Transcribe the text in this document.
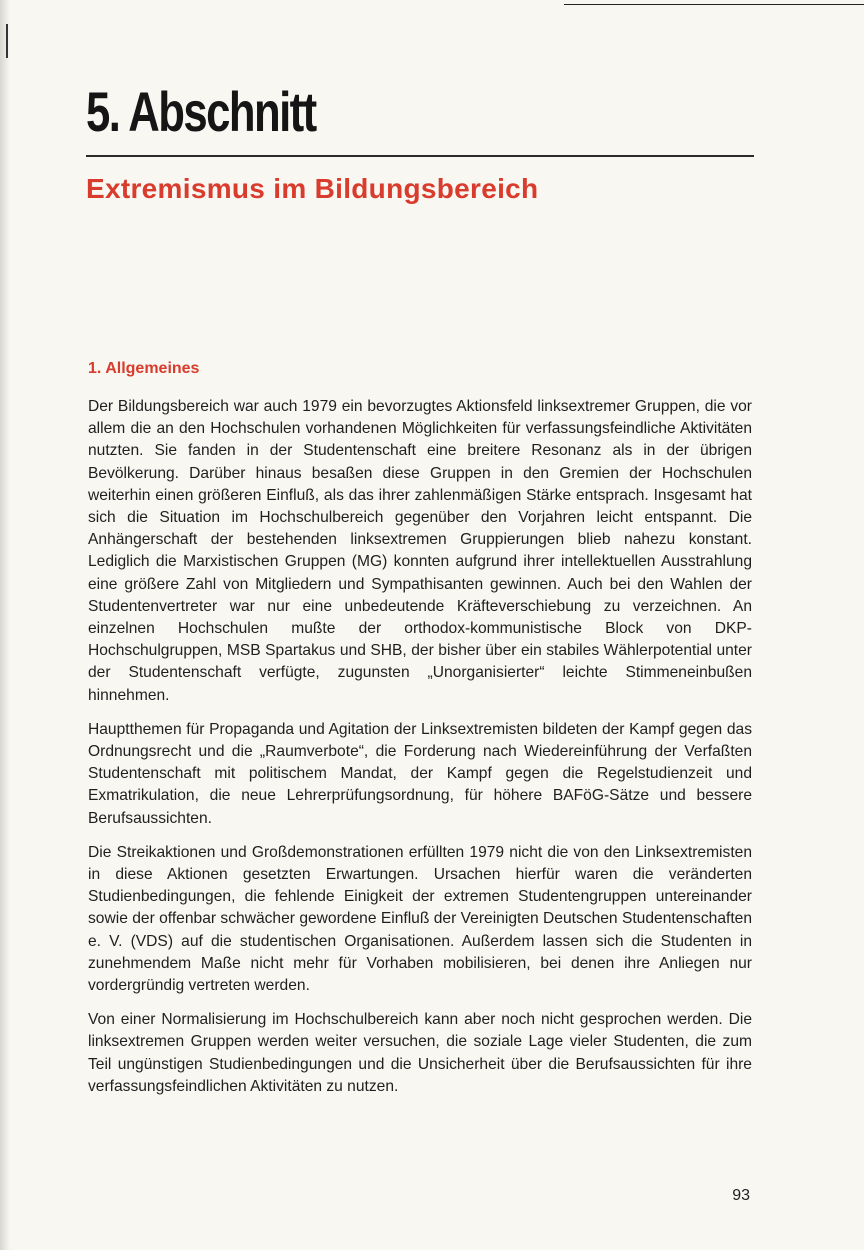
5. Abschnitt
Extremismus im Bildungsbereich
1. Allgemeines

Der Bildungsbereich war auch 1979 ein bevorzugtes Aktionsfeld linksextremer Gruppen, die vor allem die an den Hochschulen vorhandenen Möglichkeiten für verfassungsfeindliche Aktivitäten nutzten. Sie fanden in der Studentenschaft eine breitere Resonanz als in der übrigen Bevölkerung. Darüber hinaus besaßen diese Gruppen in den Gremien der Hochschulen weiterhin einen größeren Einfluß, als das ihrer zahlenmäßigen Stärke entsprach. Insgesamt hat sich die Situation im Hochschulbereich gegenüber den Vorjahren leicht entspannt. Die Anhängerschaft der bestehenden linksextremen Gruppierungen blieb nahezu konstant. Lediglich die Marxistischen Gruppen (MG) konnten aufgrund ihrer intellektuellen Ausstrahlung eine größere Zahl von Mitgliedern und Sympathisanten gewinnen. Auch bei den Wahlen der Studentenvertreter war nur eine unbedeutende Kräfteverschiebung zu verzeichnen. An einzelnen Hochschulen mußte der orthodox-kommunistische Block von DKP-Hochschulgruppen, MSB Spartakus und SHB, der bisher über ein stabiles Wählerpotential unter der Studentenschaft verfügte, zugunsten „Unorganisierter“ leichte Stimmeneinbußen hinnehmen.

Hauptthemen für Propaganda und Agitation der Linksextremisten bildeten der Kampf gegen das Ordnungsrecht und die „Raumverbote“, die Forderung nach Wiedereinführung der Verfaßten Studentenschaft mit politischem Mandat, der Kampf gegen die Regelstudienzeit und Exmatrikulation, die neue Lehrerprüfungsordnung, für höhere BAFöG-Sätze und bessere Berufsaussichten.

Die Streikaktionen und Großdemonstrationen erfüllten 1979 nicht die von den Linksextremisten in diese Aktionen gesetzten Erwartungen. Ursachen hierfür waren die veränderten Studienbedingungen, die fehlende Einigkeit der extremen Studentengruppen untereinander sowie der offenbar schwächer gewordene Einfluß der Vereinigten Deutschen Studentenschaften e. V. (VDS) auf die studentischen Organisationen. Außerdem lassen sich die Studenten in zunehmendem Maße nicht mehr für Vorhaben mobilisieren, bei denen ihre Anliegen nur vordergründig vertreten werden.

Von einer Normalisierung im Hochschulbereich kann aber noch nicht gesprochen werden. Die linksextremen Gruppen werden weiter versuchen, die soziale Lage vieler Studenten, die zum Teil ungünstigen Studienbedingungen und die Unsicherheit über die Berufsaussichten für ihre verfassungsfeindlichen Aktivitäten zu nutzen.

93
